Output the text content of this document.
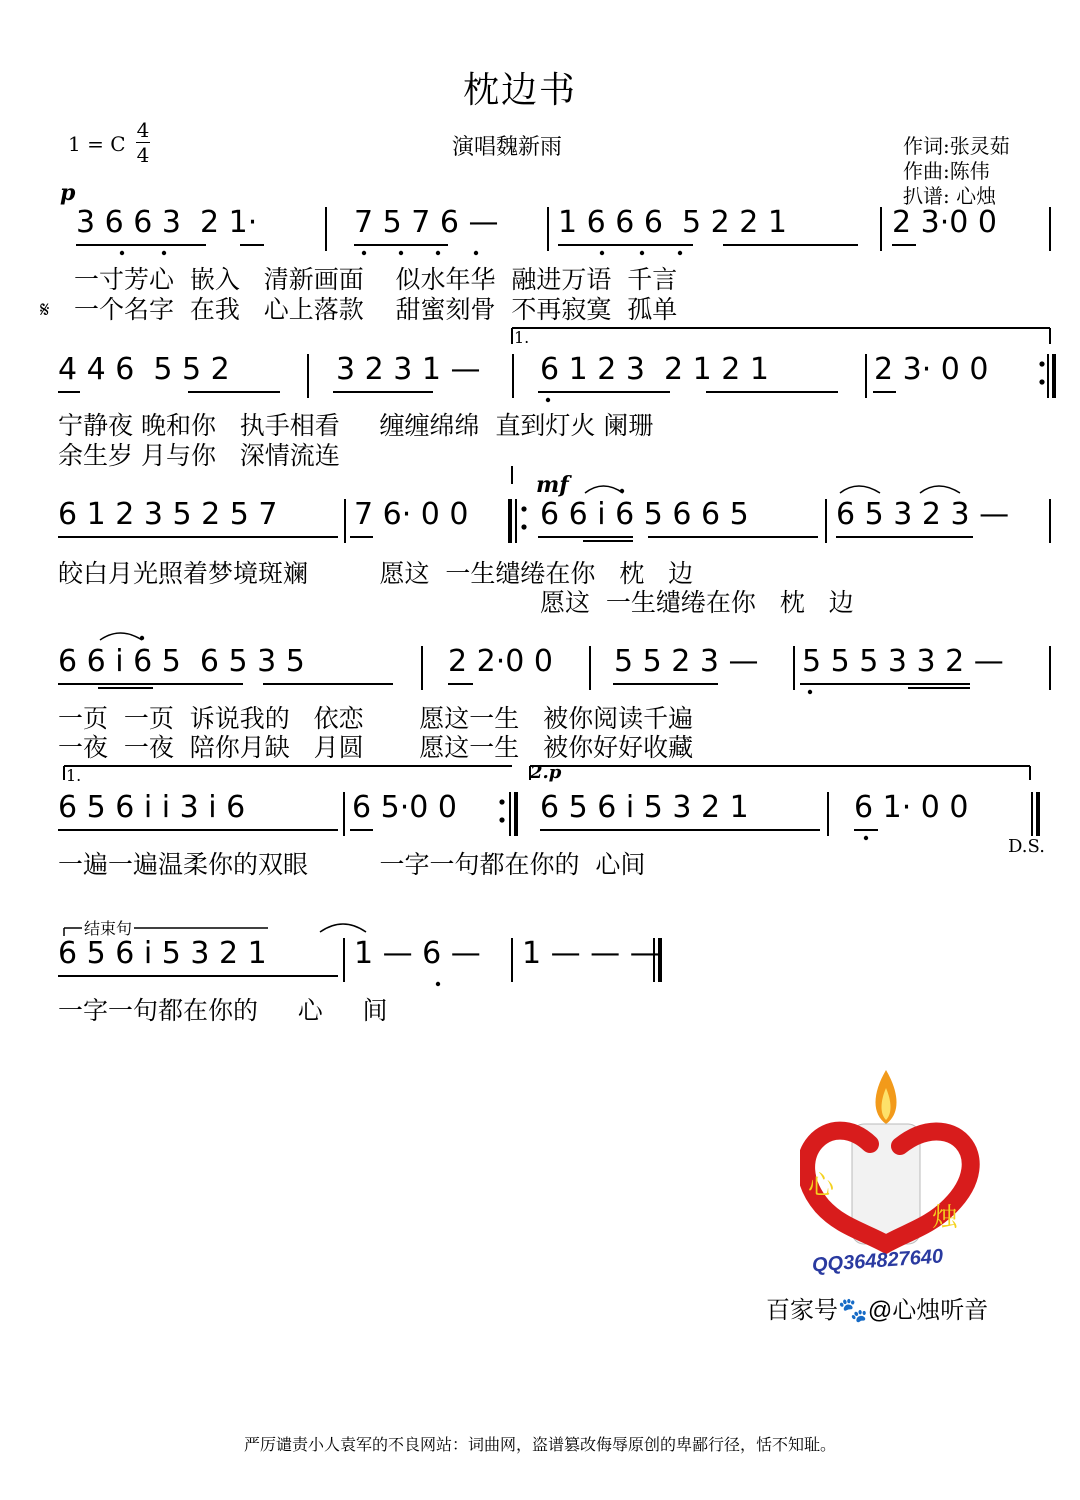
枕边书
1 = C
4
4	演唱魏新雨	作词:张灵茹
作曲:陈伟
扒谱: 心烛
p
mf
2.p
3 6 6 3  2 1·	7 5 7 6 — 1 6 6 6  5 2 2 1	2 3·0 0
一寸芳心  嵌入   清新画面    似水年华  融进万语  千言
一个名字  在我   心上落款    甜蜜刻骨  不再寂寞  孤单
𝄋
1.
4 4 6  5 5 2	3 2 3 1 — 6 1 2 3  2 1 2 1	2 3· 0 0
宁静夜 晚和你   执手相看     缠缠绵绵  直到灯火 阑珊
余生岁 月与你   深情流连
6 1 2 3 5 2 5 7	7 6· 0 0 6 6 i 6 5 6 6 5	6 5 3 2 3 —
皎白月光照着梦境斑斓         愿这  一生缱绻在你   枕   边
愿这  一生缱绻在你   枕   边
6 6 i 6 5  6 5 3 5	2 2·0 0 5 5 2 3 — 5 5 5 3 3 2 —
一页  一页  诉说我的   依恋       愿这一生   被你阅读千遍
一夜  一夜  陪你月缺   月圆       愿这一生   被你好好收藏
1.
6 5 6 i i 3 i 6	6 5·0 0	6 5 6 i 5 3 2 1	6 1· 0 0
一遍一遍温柔你的双眼         一字一句都在你的  心间
D.S.
结束句
6 5 6 i 5 3 2 1	1 — 6 — 1 — — —
一字一句都在你的     心     间
心
烛
QQ364827640
百家号🐾@心烛听音
严厉谴责小人袁军的不良网站：词曲网，盗谱篡改侮辱原创的卑鄙行径，恬不知耻。
